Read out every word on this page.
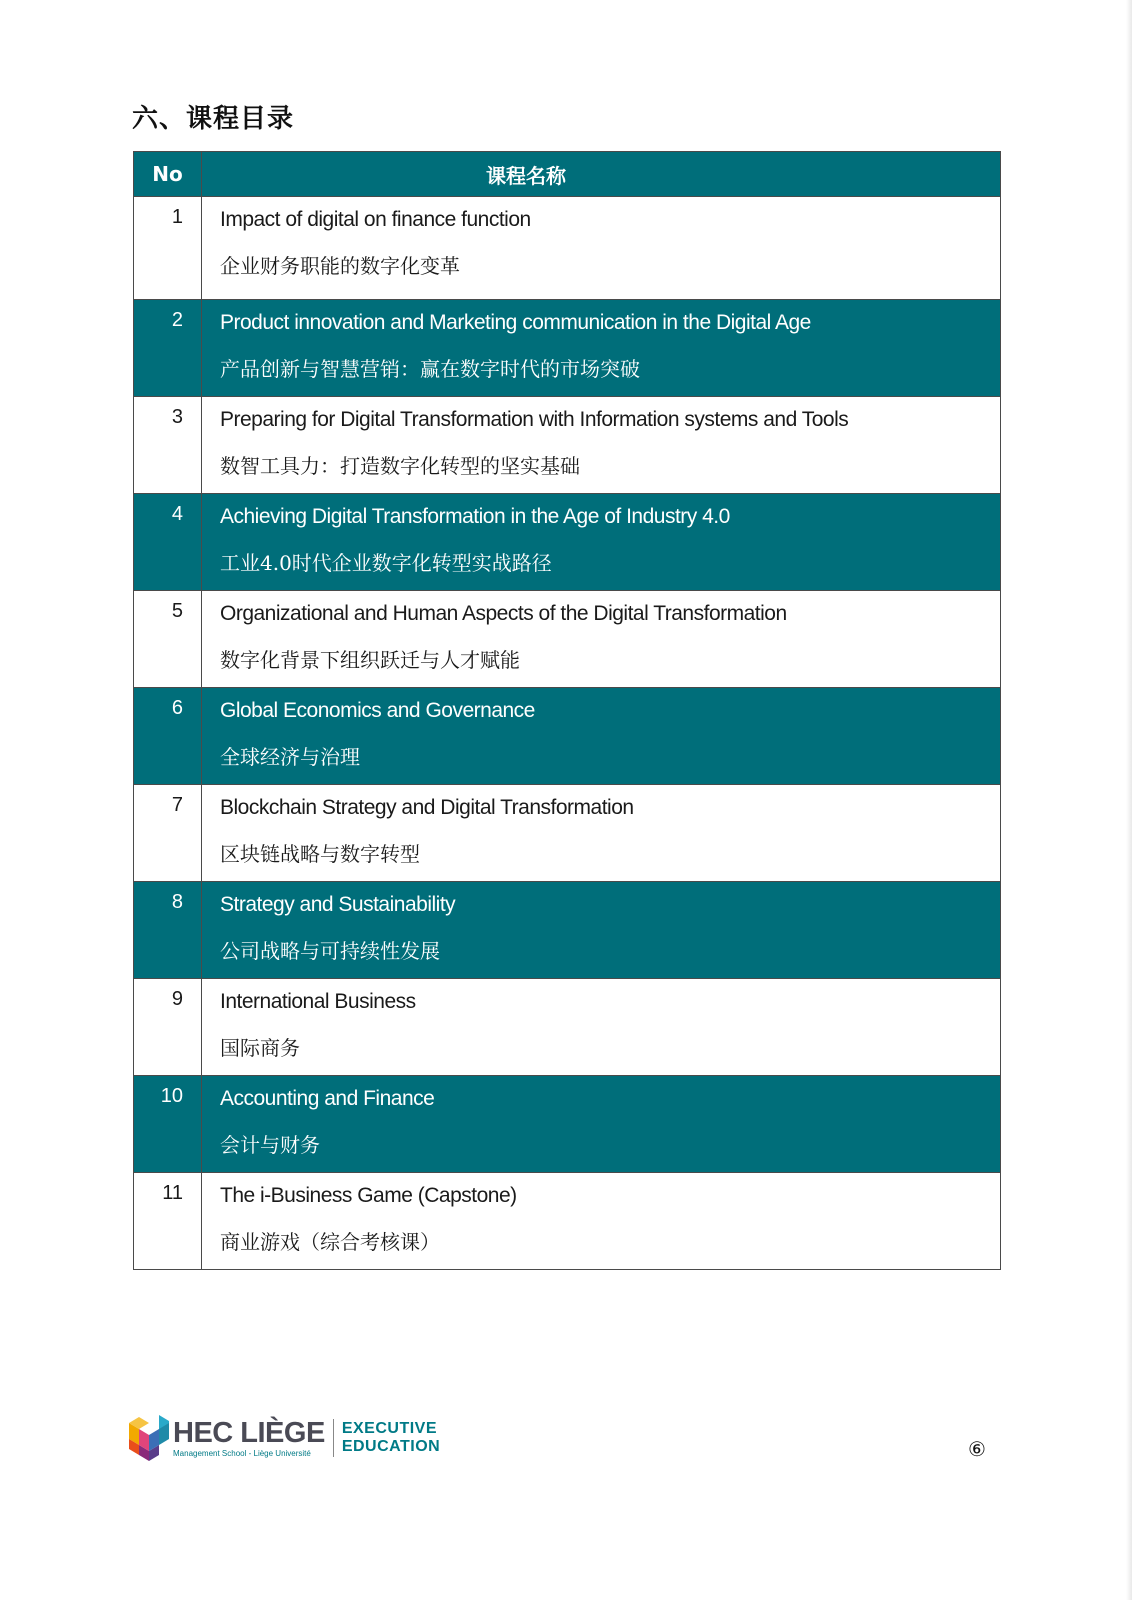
六、课程目录
No	课程名称
1	Impact of digital on finance function
企业财务职能的数字化变革

2	Product innovation and Marketing communication in the Digital Age
产品创新与智慧营销：赢在数字时代的市场突破

3	Preparing for Digital Transformation with Information systems and Tools
数智工具力：打造数字化转型的坚实基础

4	Achieving Digital Transformation in the Age of Industry 4.0
工业4.0时代企业数字化转型实战路径

5	Organizational and Human Aspects of the Digital Transformation
数字化背景下组织跃迁与人才赋能

6	Global Economics and Governance
全球经济与治理

7	Blockchain Strategy and Digital Transformation
区块链战略与数字转型

8	Strategy and Sustainability
公司战略与可持续性发展

9	International Business
国际商务

10	Accounting and Finance
会计与财务

11	The i-Business Game (Capstone)
商业游戏（综合考核课）
HEC LIÈGE
Management School - Liège Université
EXECUTIVE
EDUCATION	⑥
